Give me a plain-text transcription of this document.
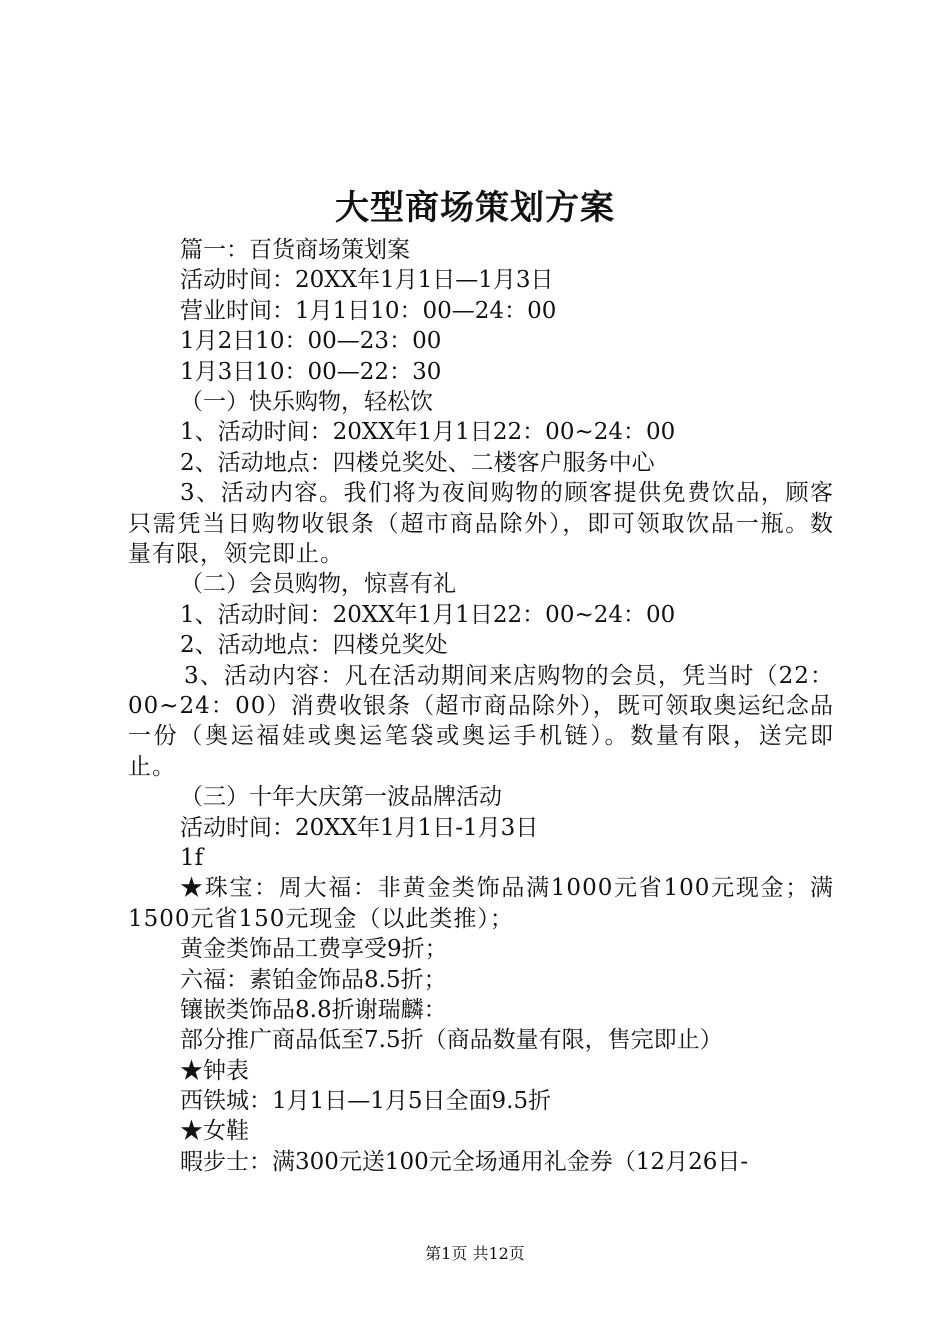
大型商场策划方案
篇一：百货商场策划案
活动时间：20XX年1月1日—1月3日
营业时间：1月1日10：00—24：00
1月2日10：00—23：00
1月3日10：00—22：30
（一）快乐购物，轻松饮
1、活动时间：20XX年1月1日22：00~24：00
2、活动地点：四楼兑奖处、二楼客户服务中心
3、活动内容。我们将为夜间购物的顾客提供免费饮品，顾客只需凭当日购物收银条（超市商品除外），即可领取饮品一瓶。数量有限，领完即止。
（二）会员购物，惊喜有礼
1、活动时间：20XX年1月1日22：00~24：00
2、活动地点：四楼兑奖处
3、活动内容：凡在活动期间来店购物的会员，凭当时（22：00~24：00）消费收银条（超市商品除外），既可领取奥运纪念品一份（奥运福娃或奥运笔袋或奥运手机链）。数量有限，送完即止。
（三）十年大庆第一波品牌活动
活动时间：20XX年1月1日-1月3日
1f
★珠宝：周大福：非黄金类饰品满1000元省100元现金；满1500元省150元现金（以此类推）；
黄金类饰品工费享受9折；
六福：素铂金饰品8.5折；
镶嵌类饰品8.8折谢瑞麟：
部分推广商品低至7.5折（商品数量有限，售完即止）
★钟表
西铁城：1月1日—1月5日全面9.5折
★女鞋
暇步士：满300元送100元全场通用礼金券（12月26日-
第1页 共12页
